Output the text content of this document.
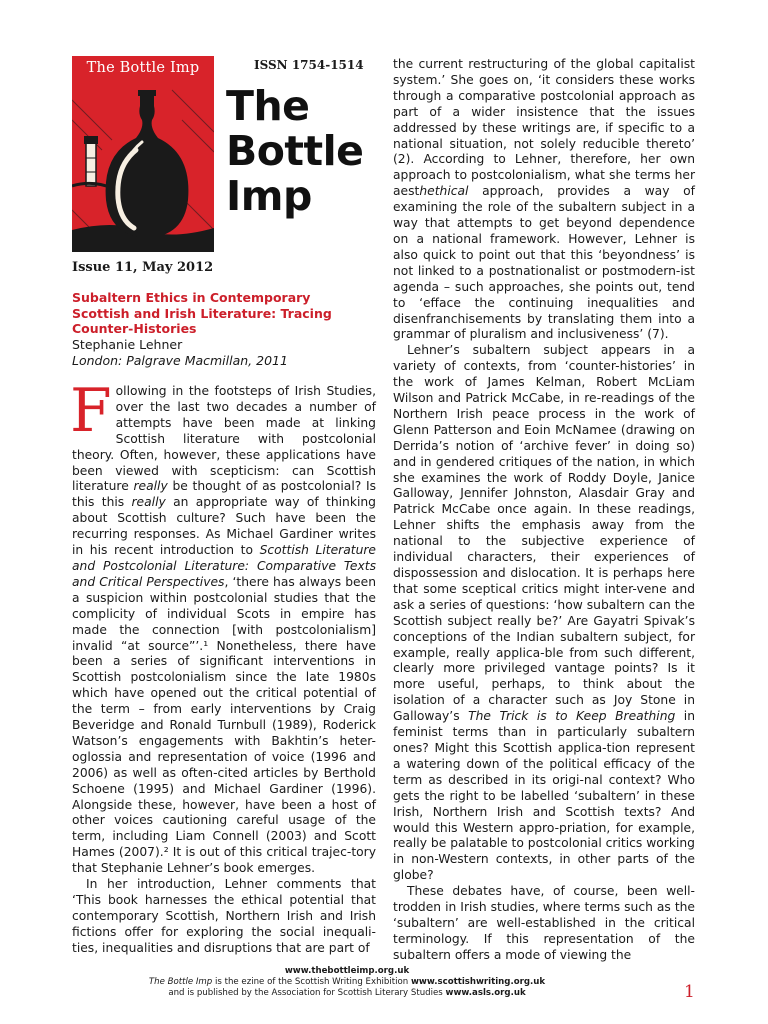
The Bottle Imp	ISSN 1754-1514
The
Bottle
Imp
Issue 11, May 2012
Subaltern Ethics in Contemporary Scottish and Irish Literature: Tracing Counter-Histories
Stephanie Lehner
London: Palgrave Macmillan, 2011

Following in the footsteps of Irish Studies, over the last two decades a number of attempts have been made at linking Scottish literature with postcolonial theory. Often, however, these applications have been viewed with scepticism: can Scottish literature really be thought of as postcolonial? Is this this really an appropriate way of thinking about Scottish culture? Such have been the recurring responses. As Michael Gardiner writes in his recent introduction to Scottish Literature and Postcolonial Literature: Comparative Texts and Critical Perspectives, ‘there has always been a suspicion within postcolonial studies that the complicity of individual Scots in empire has made the connection [with postcolonialism] invalid “at source”’.¹ Nonetheless, there have been a series of significant interventions in Scottish postcolonialism since the late 1980s which have opened out the critical potential of the term – from early interventions by Craig Beveridge and Ronald Turnbull (1989), Roderick Watson’s engagements with Bakhtin’s heter-oglossia and representation of voice (1996 and 2006) as well as often-cited articles by Berthold Schoene (1995) and Michael Gardiner (1996). Alongside these, however, have been a host of other voices cautioning careful usage of the term, including Liam Connell (2003) and Scott Hames (2007).² It is out of this critical trajec-tory that Stephanie Lehner’s book emerges.

In her introduction, Lehner comments that ‘This book harnesses the ethical potential that contemporary Scottish, Northern Irish and Irish fictions offer for exploring the social inequali-ties, inequalities and disruptions that are part of

the current restructuring of the global capitalist system.’ She goes on, ‘it considers these works through a comparative postcolonial approach as part of a wider insistence that the issues addressed by these writings are, if specific to a national situation, not solely reducible thereto’ (2). According to Lehner, therefore, her own approach to postcolonialism, what she terms her aesthethical approach, provides a way of examining the role of the subaltern subject in a way that attempts to get beyond dependence on a national framework. However, Lehner is also quick to point out that this ‘beyondness’ is not linked to a postnationalist or postmodern-ist agenda – such approaches, she points out, tend to ‘efface the continuing inequalities and disenfranchisements by translating them into a grammar of pluralism and inclusiveness’ (7).

Lehner’s subaltern subject appears in a variety of contexts, from ‘counter-histories’ in the work of James Kelman, Robert McLiam Wilson and Patrick McCabe, in re-readings of the Northern Irish peace process in the work of Glenn Patterson and Eoin McNamee (drawing on Derrida’s notion of ‘archive fever’ in doing so) and in gendered critiques of the nation, in which she examines the work of Roddy Doyle, Janice Galloway, Jennifer Johnston, Alasdair Gray and Patrick McCabe once again. In these readings, Lehner shifts the emphasis away from the national to the subjective experience of individual characters, their experiences of dispossession and dislocation. It is perhaps here that some sceptical critics might inter-vene and ask a series of questions: ‘how subaltern can the Scottish subject really be?’ Are Gayatri Spivak’s conceptions of the Indian subaltern subject, for example, really applica-ble from such different, clearly more privileged vantage points? Is it more useful, perhaps, to think about the isolation of a character such as Joy Stone in Galloway’s The Trick is to Keep Breathing in feminist terms than in particularly subaltern ones? Might this Scottish applica-tion represent a watering down of the political efficacy of the term as described in its origi-nal context? Who gets the right to be labelled ‘subaltern’ in these Irish, Northern Irish and Scottish texts? And would this Western appro-priation, for example, really be palatable to postcolonial critics working in non-Western contexts, in other parts of the globe?

These debates have, of course, been well-trodden in Irish studies, where terms such as the ‘subaltern’ are well-established in the critical terminology. If this representation of the subaltern offers a mode of viewing the

www.thebottleimp.org.uk
The Bottle Imp is the ezine of the Scottish Writing Exhibition www.scottishwriting.org.uk
and is published by the Association for Scottish Literary Studies www.asls.org.uk	1
